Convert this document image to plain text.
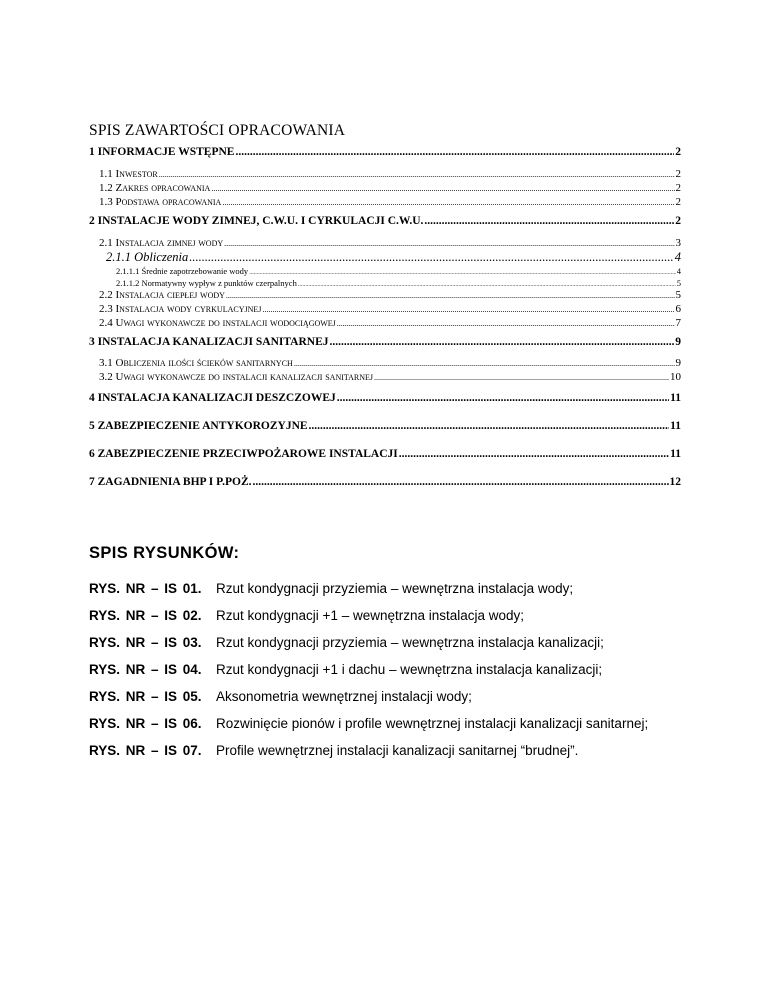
SPIS ZAWARTOŚCI OPRACOWANIA
1 INFORMACJE WSTĘPNE .....	2
1.1 Inwestor .....	2
1.2 Zakres opracowania .....	2
1.3 Podstawa opracowania .....	2
2 INSTALACJE WODY ZIMNEJ, C.W.U. I CYRKULACJI C.W.U. .....	2
2.1 Instalacja zimnej wody .....	3
2.1.1 Obliczenia .....	4
2.1.1.1 Średnie zapotrzebowanie wody .....	4
2.1.1.2 Normatywny wypływ z punktów czerpalnych .....	5
2.2 Instalacja ciepłej wody .....	5
2.3 Instalacja wody cyrkulacyjnej .....	6
2.4 Uwagi wykonawcze do instalacji wodociągowej .....	7
3 INSTALACJA KANALIZACJI SANITARNEJ .....	9
3.1 Obliczenia ilości ścieków sanitarnych .....	9
3.2 Uwagi wykonawcze do instalacji kanalizacji sanitarnej .....	10
4 INSTALACJA KANALIZACJI DESZCZOWEJ .....	11
5 ZABEZPIECZENIE ANTYKOROZYJNE .....	11
6 ZABEZPIECZENIE PRZECIWPOŻAROWE INSTALACJI .....	11
7 ZAGADNIENIA BHP I P.POŻ. .....	12
SPIS RYSUNKÓW:
RYS. NR – IS 01. Rzut kondygnacji przyziemia – wewnętrzna instalacja wody;
RYS. NR – IS 02. Rzut kondygnacji +1 – wewnętrzna instalacja wody;
RYS. NR – IS 03. Rzut kondygnacji przyziemia – wewnętrzna instalacja kanalizacji;
RYS. NR – IS 04. Rzut kondygnacji +1 i dachu – wewnętrzna instalacja kanalizacji;
RYS. NR – IS 05. Aksonometria wewnętrznej instalacji wody;
RYS. NR – IS 06. Rozwinięcie pionów i profile wewnętrznej instalacji kanalizacji sanitarnej;
RYS. NR – IS 07. Profile wewnętrznej instalacji kanalizacji sanitarnej “brudnej”.
